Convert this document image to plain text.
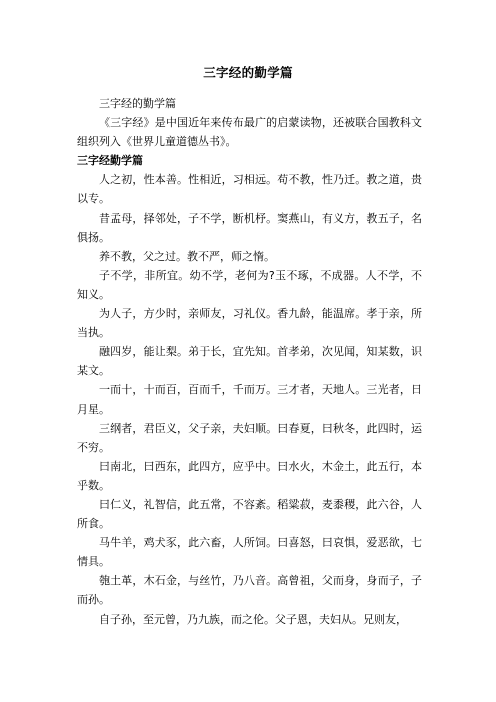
三字经的勤学篇

三字经的勤学篇

《三字经》是中国近年来传布最广的启蒙读物，还被联合国教科文组织列入《世界儿童道德丛书》。

三字经勤学篇

人之初，性本善。性相近，习相远。苟不教，性乃迁。教之道，贵以专。

昔孟母，择邻处，子不学，断机杼。窦燕山，有义方，教五子，名俱扬。

养不教，父之过。教不严，师之惰。

子不学，非所宜。幼不学，老何为?玉不琢，不成器。人不学，不知义。

为人子，方少时，亲师友，习礼仪。香九龄，能温席。孝于亲，所当执。

融四岁，能让梨。弟于长，宜先知。首孝弟，次见闻，知某数，识某文。

一而十，十而百，百而千，千而万。三才者，天地人。三光者，日月星。

三纲者，君臣义，父子亲，夫妇顺。曰春夏，曰秋冬，此四时，运不穷。

曰南北，曰西东，此四方，应乎中。曰水火，木金土，此五行，本乎数。

曰仁义，礼智信，此五常，不容紊。稻粱菽，麦黍稷，此六谷，人所食。

马牛羊，鸡犬豕，此六畜，人所饲。曰喜怒，曰哀惧，爱恶欲，七情具。

匏土革，木石金，与丝竹，乃八音。高曾祖，父而身，身而子，子而孙。

自子孙，至元曾，乃九族，而之伦。父子恩，夫妇从。兄则友，
